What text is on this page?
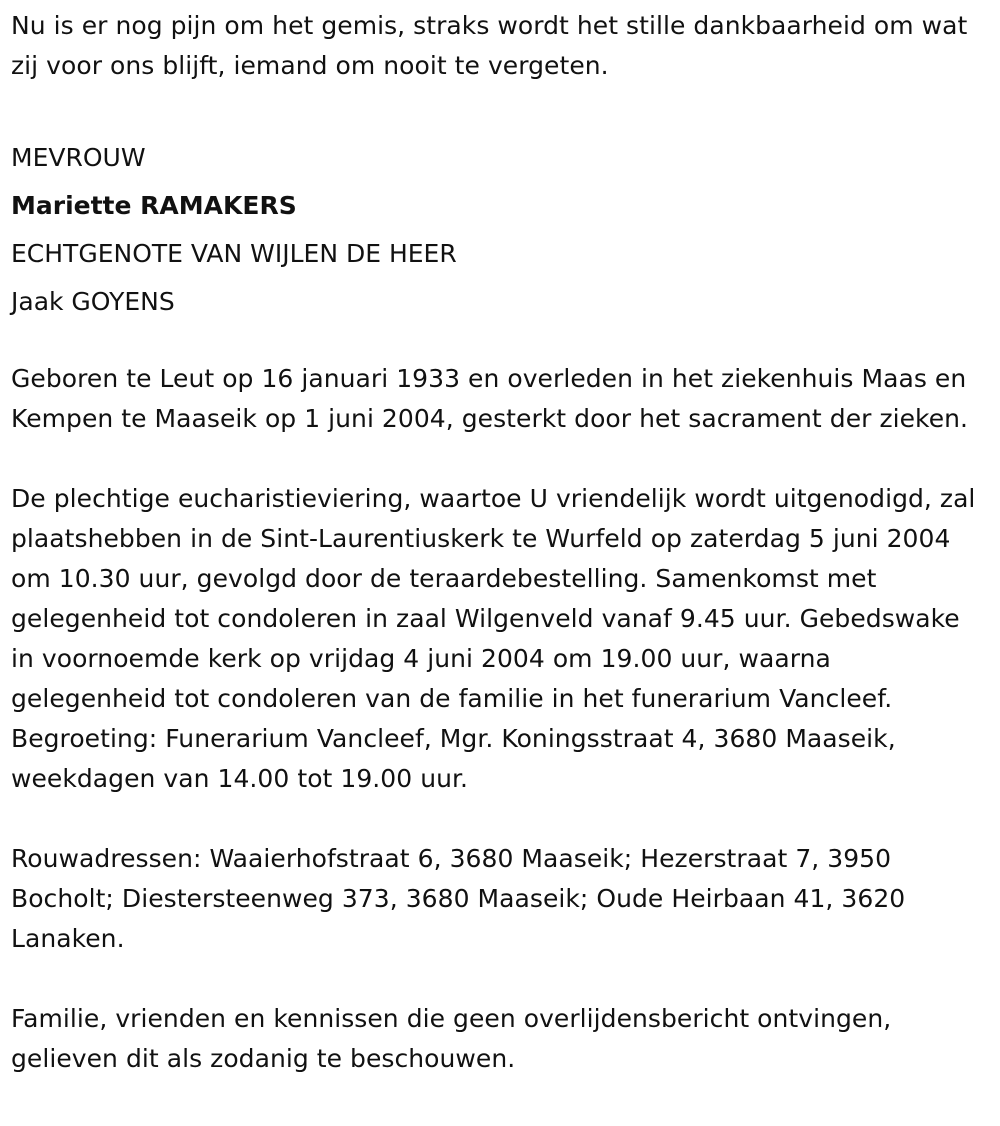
Nu is er nog pijn om het gemis, straks wordt het stille dankbaarheid om wat zij voor ons blijft, iemand om nooit te vergeten.

MEVROUW

Mariette RAMAKERS

ECHTGENOTE VAN WIJLEN DE HEER

Jaak GOYENS

Geboren te Leut op 16 januari 1933 en overleden in het ziekenhuis Maas en Kempen te Maaseik op 1 juni 2004, gesterkt door het sacrament der zieken.

De plechtige eucharistieviering, waartoe U vriendelijk wordt uitgenodigd, zal plaatshebben in de Sint-Laurentiuskerk te Wurfeld op zaterdag 5 juni 2004 om 10.30 uur, gevolgd door de teraardebestelling. Samenkomst met gelegenheid tot condoleren in zaal Wilgenveld vanaf 9.45 uur. Gebedswake in voornoemde kerk op vrijdag 4 juni 2004 om 19.00 uur, waarna gelegenheid tot condoleren van de familie in het funerarium Vancleef. Begroeting: Funerarium Vancleef, Mgr. Koningsstraat 4, 3680 Maaseik, weekdagen van 14.00 tot 19.00 uur.

Rouwadressen: Waaierhofstraat 6, 3680 Maaseik; Hezerstraat 7, 3950 Bocholt; Diestersteenweg 373, 3680 Maaseik; Oude Heirbaan 41, 3620 Lanaken.

Familie, vrienden en kennissen die geen overlijdensbericht ontvingen, gelieven dit als zodanig te beschouwen.
